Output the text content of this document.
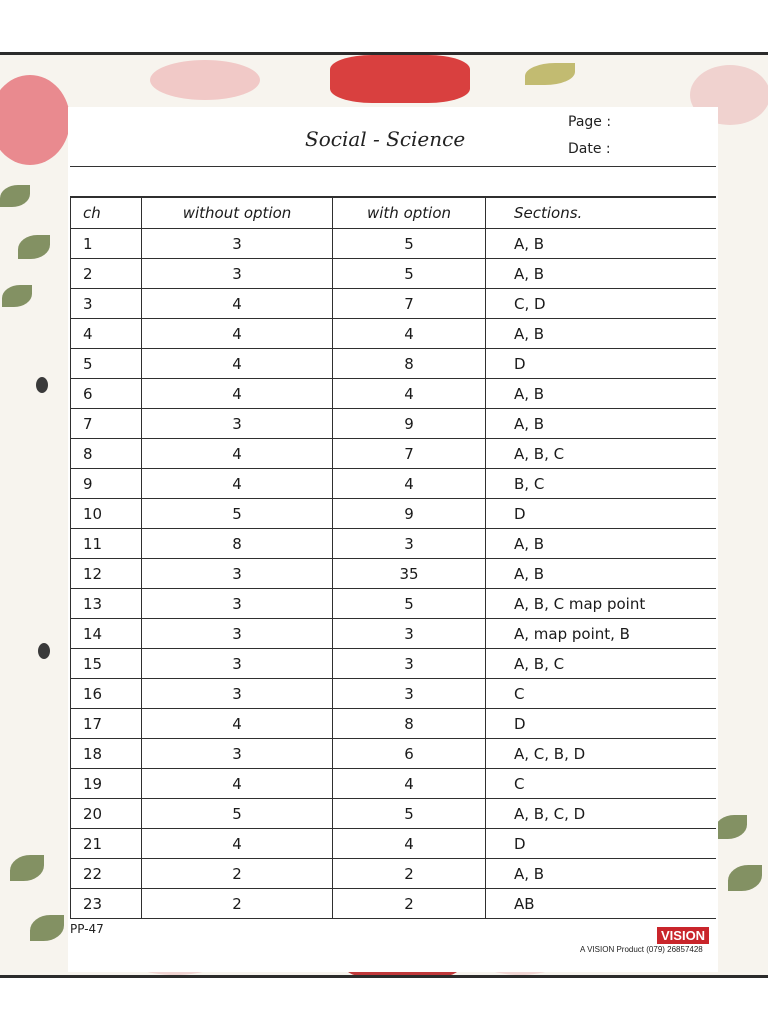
Social - Science
Page :
Date :
ch	without option	with option	Sections.
1	3	5	A, B
2	3	5	A, B
3	4	7	C, D
4	4	4	A, B
5	4	8	D
6	4	4	A, B
7	3	9	A, B
8	4	7	A, B, C
9	4	4	B, C
10	5	9	D
11	8	3	A, B
12	3	35	A, B
13	3	5	A, B, C map point
14	3	3	A, map point, B
15	3	3	A, B, C
16	3	3	C
17	4	8	D
18	3	6	A, C, B, D
19	4	4	C
20	5	5	A, B, C, D
21	4	4	D
22	2	2	A, B
23	2	2	AB
PP-47	VISION
A VISION Product (079) 26857428
